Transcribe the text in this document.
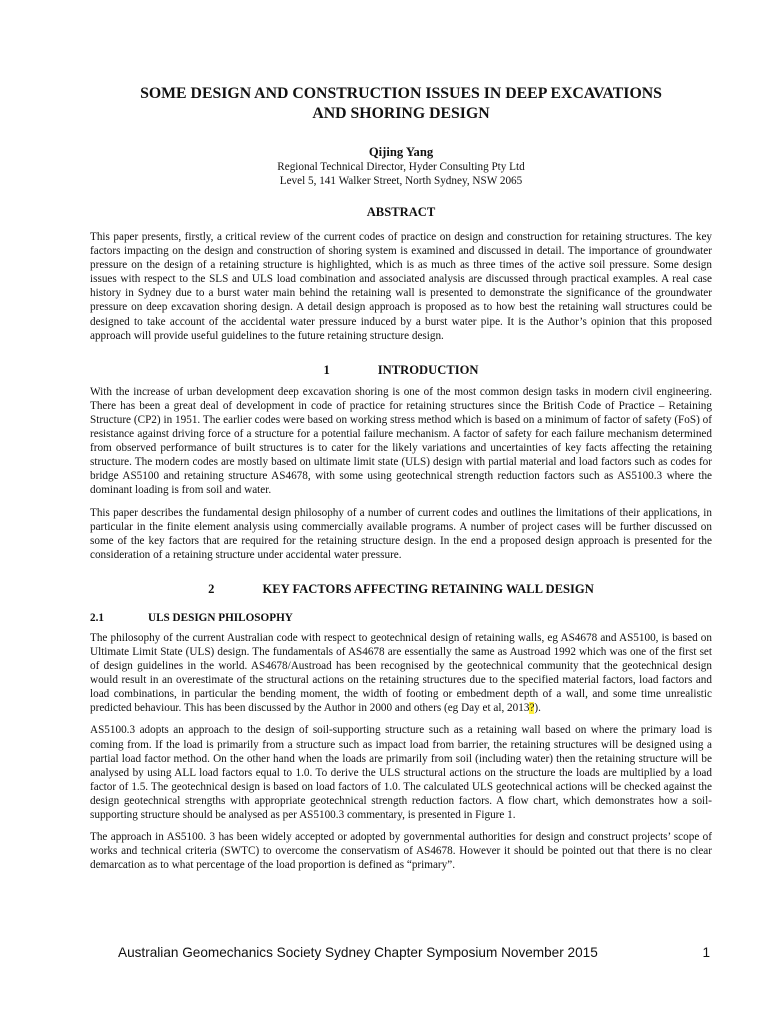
SOME DESIGN AND CONSTRUCTION ISSUES IN DEEP EXCAVATIONS
AND SHORING DESIGN
Qijing Yang
Regional Technical Director, Hyder Consulting Pty Ltd
Level 5, 141 Walker Street, North Sydney, NSW 2065
ABSTRACT

This paper presents, firstly, a critical review of the current codes of practice on design and construction for retaining structures. The key factors impacting on the design and construction of shoring system is examined and discussed in detail. The importance of groundwater pressure on the design of a retaining structure is highlighted, which is as much as three times of the active soil pressure. Some design issues with respect to the SLS and ULS load combination and associated analysis are discussed through practical examples. A real case history in Sydney due to a burst water main behind the retaining wall is presented to demonstrate the significance of the groundwater pressure on deep excavation shoring design. A detail design approach is proposed as to how best the retaining wall structures could be designed to take account of the accidental water pressure induced by a burst water pipe. It is the Author’s opinion that this proposed approach will provide useful guidelines to the future retaining structure design.

1	INTRODUCTION

With the increase of urban development deep excavation shoring is one of the most common design tasks in modern civil engineering. There has been a great deal of development in code of practice for retaining structures since the British Code of Practice – Retaining Structure (CP2) in 1951. The earlier codes were based on working stress method which is based on a minimum of factor of safety (FoS) of resistance against driving force of a structure for a potential failure mechanism. A factor of safety for each failure mechanism determined from observed performance of built structures is to cater for the likely variations and uncertainties of key facts affecting the retaining structure. The modern codes are mostly based on ultimate limit state (ULS) design with partial material and load factors such as codes for bridge AS5100 and retaining structure AS4678, with some using geotechnical strength reduction factors such as AS5100.3 where the dominant loading is from soil and water.

This paper describes the fundamental design philosophy of a number of current codes and outlines the limitations of their applications, in particular in the finite element analysis using commercially available programs. A number of project cases will be further discussed on some of the key factors that are required for the retaining structure design. In the end a proposed design approach is presented for the consideration of a retaining structure under accidental water pressure.

2	KEY FACTORS AFFECTING RETAINING WALL DESIGN
2.1	ULS DESIGN PHILOSOPHY

The philosophy of the current Australian code with respect to geotechnical design of retaining walls, eg AS4678 and AS5100, is based on Ultimate Limit State (ULS) design. The fundamentals of AS4678 are essentially the same as Austroad 1992 which was one of the first set of design guidelines in the world. AS4678/Austroad has been recognised by the geotechnical community that the geotechnical design would result in an overestimate of the structural actions on the retaining structures due to the specified material factors, load factors and load combinations, in particular the bending moment, the width of footing or embedment depth of a wall, and some time unrealistic predicted behaviour. This has been discussed by the Author in 2000 and others (eg Day et al, 2013?).

AS5100.3 adopts an approach to the design of soil-supporting structure such as a retaining wall based on where the primary load is coming from. If the load is primarily from a structure such as impact load from barrier, the retaining structures will be designed using a partial load factor method. On the other hand when the loads are primarily from soil (including water) then the retaining structure will be analysed by using ALL load factors equal to 1.0. To derive the ULS structural actions on the structure the loads are multiplied by a load factor of 1.5. The geotechnical design is based on load factors of 1.0. The calculated ULS geotechnical actions will be checked against the design geotechnical strengths with appropriate geotechnical strength reduction factors. A flow chart, which demonstrates how a soil-supporting structure should be analysed as per AS5100.3 commentary, is presented in Figure 1.

The approach in AS5100. 3 has been widely accepted or adopted by governmental authorities for design and construct projects’ scope of works and technical criteria (SWTC) to overcome the conservatism of AS4678. However it should be pointed out that there is no clear demarcation as to what percentage of the load proportion is defined as “primary”.

Australian Geomechanics Society Sydney Chapter Symposium November 2015	1
